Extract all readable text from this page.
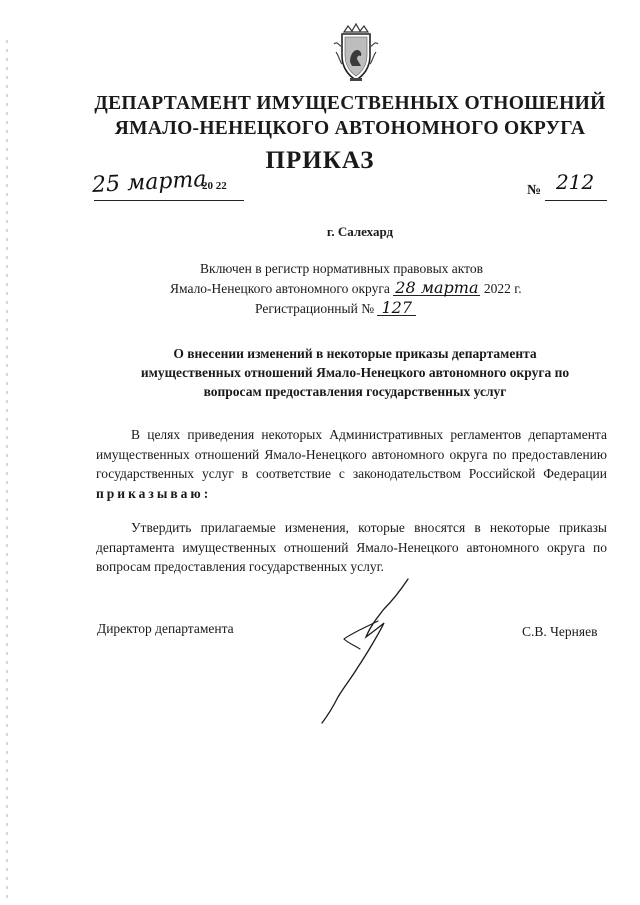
ДЕПАРТАМЕНТ ИМУЩЕСТВЕННЫХ ОТНОШЕНИЙ
ЯМАЛО-НЕНЕЦКОГО АВТОНОМНОГО ОКРУГА
ПРИКАЗ
25 марта
20 22	№ 212
г. Салехард
Включен в регистр нормативных правовых актов
Ямало-Ненецкого автономного округа 28 марта 2022 г.
Регистрационный № 127

О внесении изменений в некоторые приказы департамента
имущественных отношений Ямало-Ненецкого автономного округа по
вопросам предоставления государственных услуг

В целях приведения некоторых Административных регламентов департамента имущественных отношений Ямало-Ненецкого автономного округа по предоставлению государственных услуг в соответствие с законодательством Российской Федерации приказываю:

Утвердить прилагаемые изменения, которые вносятся в некоторые приказы департамента имущественных отношений Ямало-Ненецкого автономного округа по вопросам предоставления государственных услуг.

Директор департамента	С.В. Черняев
